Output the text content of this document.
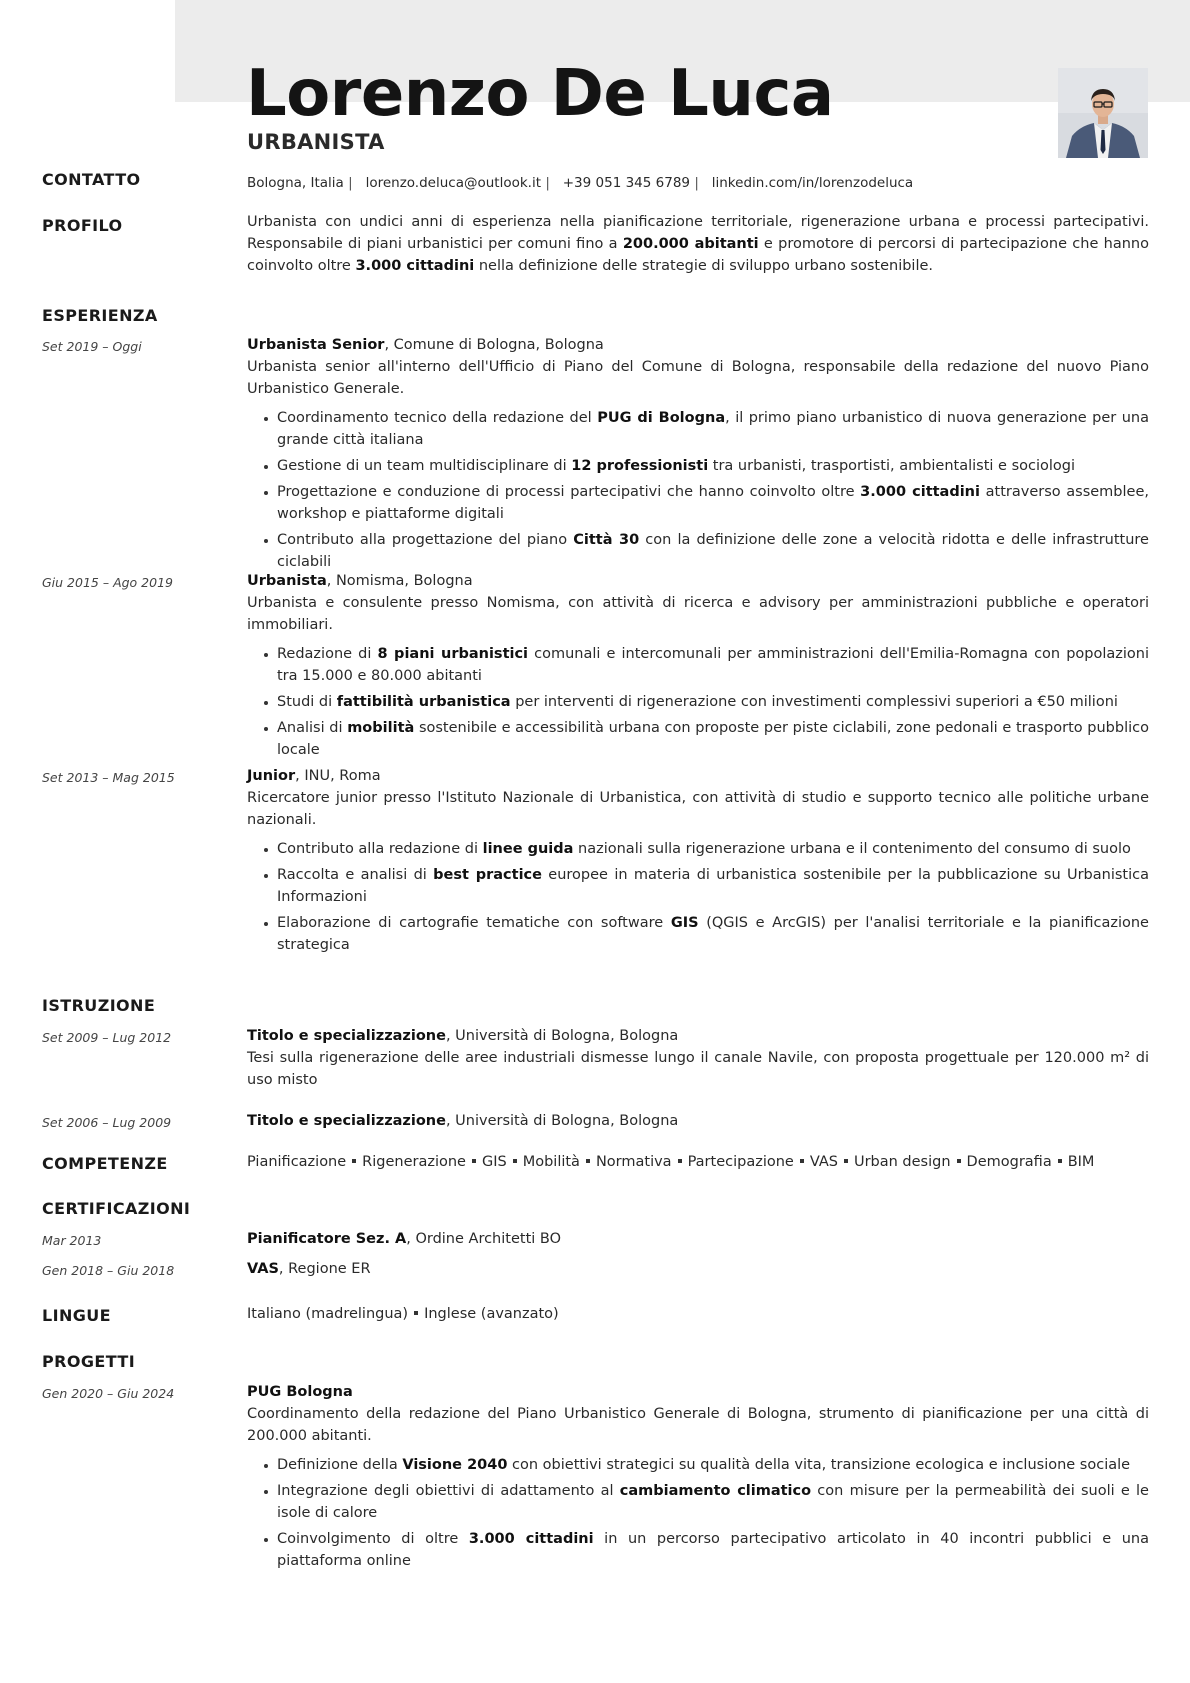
Lorenzo De Luca
URBANISTA
CONTATTO	Bologna, Italia | lorenzo.deluca@outlook.it | +39 051 345 6789 | linkedin.com/in/lorenzodeluca
PROFILO	Urbanista con undici anni di esperienza nella pianificazione territoriale, rigenerazione urbana e processi partecipativi. Responsabile di piani urbanistici per comuni fino a 200.000 abitanti e promotore di percorsi di partecipazione che hanno coinvolto oltre 3.000 cittadini nella definizione delle strategie di sviluppo urbano sostenibile.
ESPERIENZA
Set 2019 – Oggi	Urbanista Senior, Comune di Bologna, Bologna
Urbanista senior all'interno dell'Ufficio di Piano del Comune di Bologna, responsabile della redazione del nuovo Piano Urbanistico Generale.
Coordinamento tecnico della redazione del PUG di Bologna, il primo piano urbanistico di nuova generazione per una grande città italiana
Gestione di un team multidisciplinare di 12 professionisti tra urbanisti, trasportisti, ambientalisti e sociologi
Progettazione e conduzione di processi partecipativi che hanno coinvolto oltre 3.000 cittadini attraverso assemblee, workshop e piattaforme digitali
Contributo alla progettazione del piano Città 30 con la definizione delle zone a velocità ridotta e delle infrastrutture ciclabili
Giu 2015 – Ago 2019	Urbanista, Nomisma, Bologna
Urbanista e consulente presso Nomisma, con attività di ricerca e advisory per amministrazioni pubbliche e operatori immobiliari.
Redazione di 8 piani urbanistici comunali e intercomunali per amministrazioni dell'Emilia-Romagna con popolazioni tra 15.000 e 80.000 abitanti
Studi di fattibilità urbanistica per interventi di rigenerazione con investimenti complessivi superiori a €50 milioni
Analisi di mobilità sostenibile e accessibilità urbana con proposte per piste ciclabili, zone pedonali e trasporto pubblico locale
Set 2013 – Mag 2015	Junior, INU, Roma
Ricercatore junior presso l'Istituto Nazionale di Urbanistica, con attività di studio e supporto tecnico alle politiche urbane nazionali.
Contributo alla redazione di linee guida nazionali sulla rigenerazione urbana e il contenimento del consumo di suolo
Raccolta e analisi di best practice europee in materia di urbanistica sostenibile per la pubblicazione su Urbanistica Informazioni
Elaborazione di cartografie tematiche con software GIS (QGIS e ArcGIS) per l'analisi territoriale e la pianificazione strategica
ISTRUZIONE
Set 2009 – Lug 2012	Titolo e specializzazione, Università di Bologna, Bologna
Tesi sulla rigenerazione delle aree industriali dismesse lungo il canale Navile, con proposta progettuale per 120.000 m² di uso misto
Set 2006 – Lug 2009	Titolo e specializzazione, Università di Bologna, Bologna
COMPETENZE	Pianificazione Rigenerazione GIS Mobilità Normativa Partecipazione VAS Urban design Demografia BIM
CERTIFICAZIONI
Mar 2013	Pianificatore Sez. A, Ordine Architetti BO
Gen 2018 – Giu 2018	VAS, Regione ER
LINGUE	Italiano (madrelingua) Inglese (avanzato)
PROGETTI
Gen 2020 – Giu 2024	PUG Bologna
Coordinamento della redazione del Piano Urbanistico Generale di Bologna, strumento di pianificazione per una città di 200.000 abitanti.
Definizione della Visione 2040 con obiettivi strategici su qualità della vita, transizione ecologica e inclusione sociale
Integrazione degli obiettivi di adattamento al cambiamento climatico con misure per la permeabilità dei suoli e le isole di calore
Coinvolgimento di oltre 3.000 cittadini in un percorso partecipativo articolato in 40 incontri pubblici e una piattaforma online
